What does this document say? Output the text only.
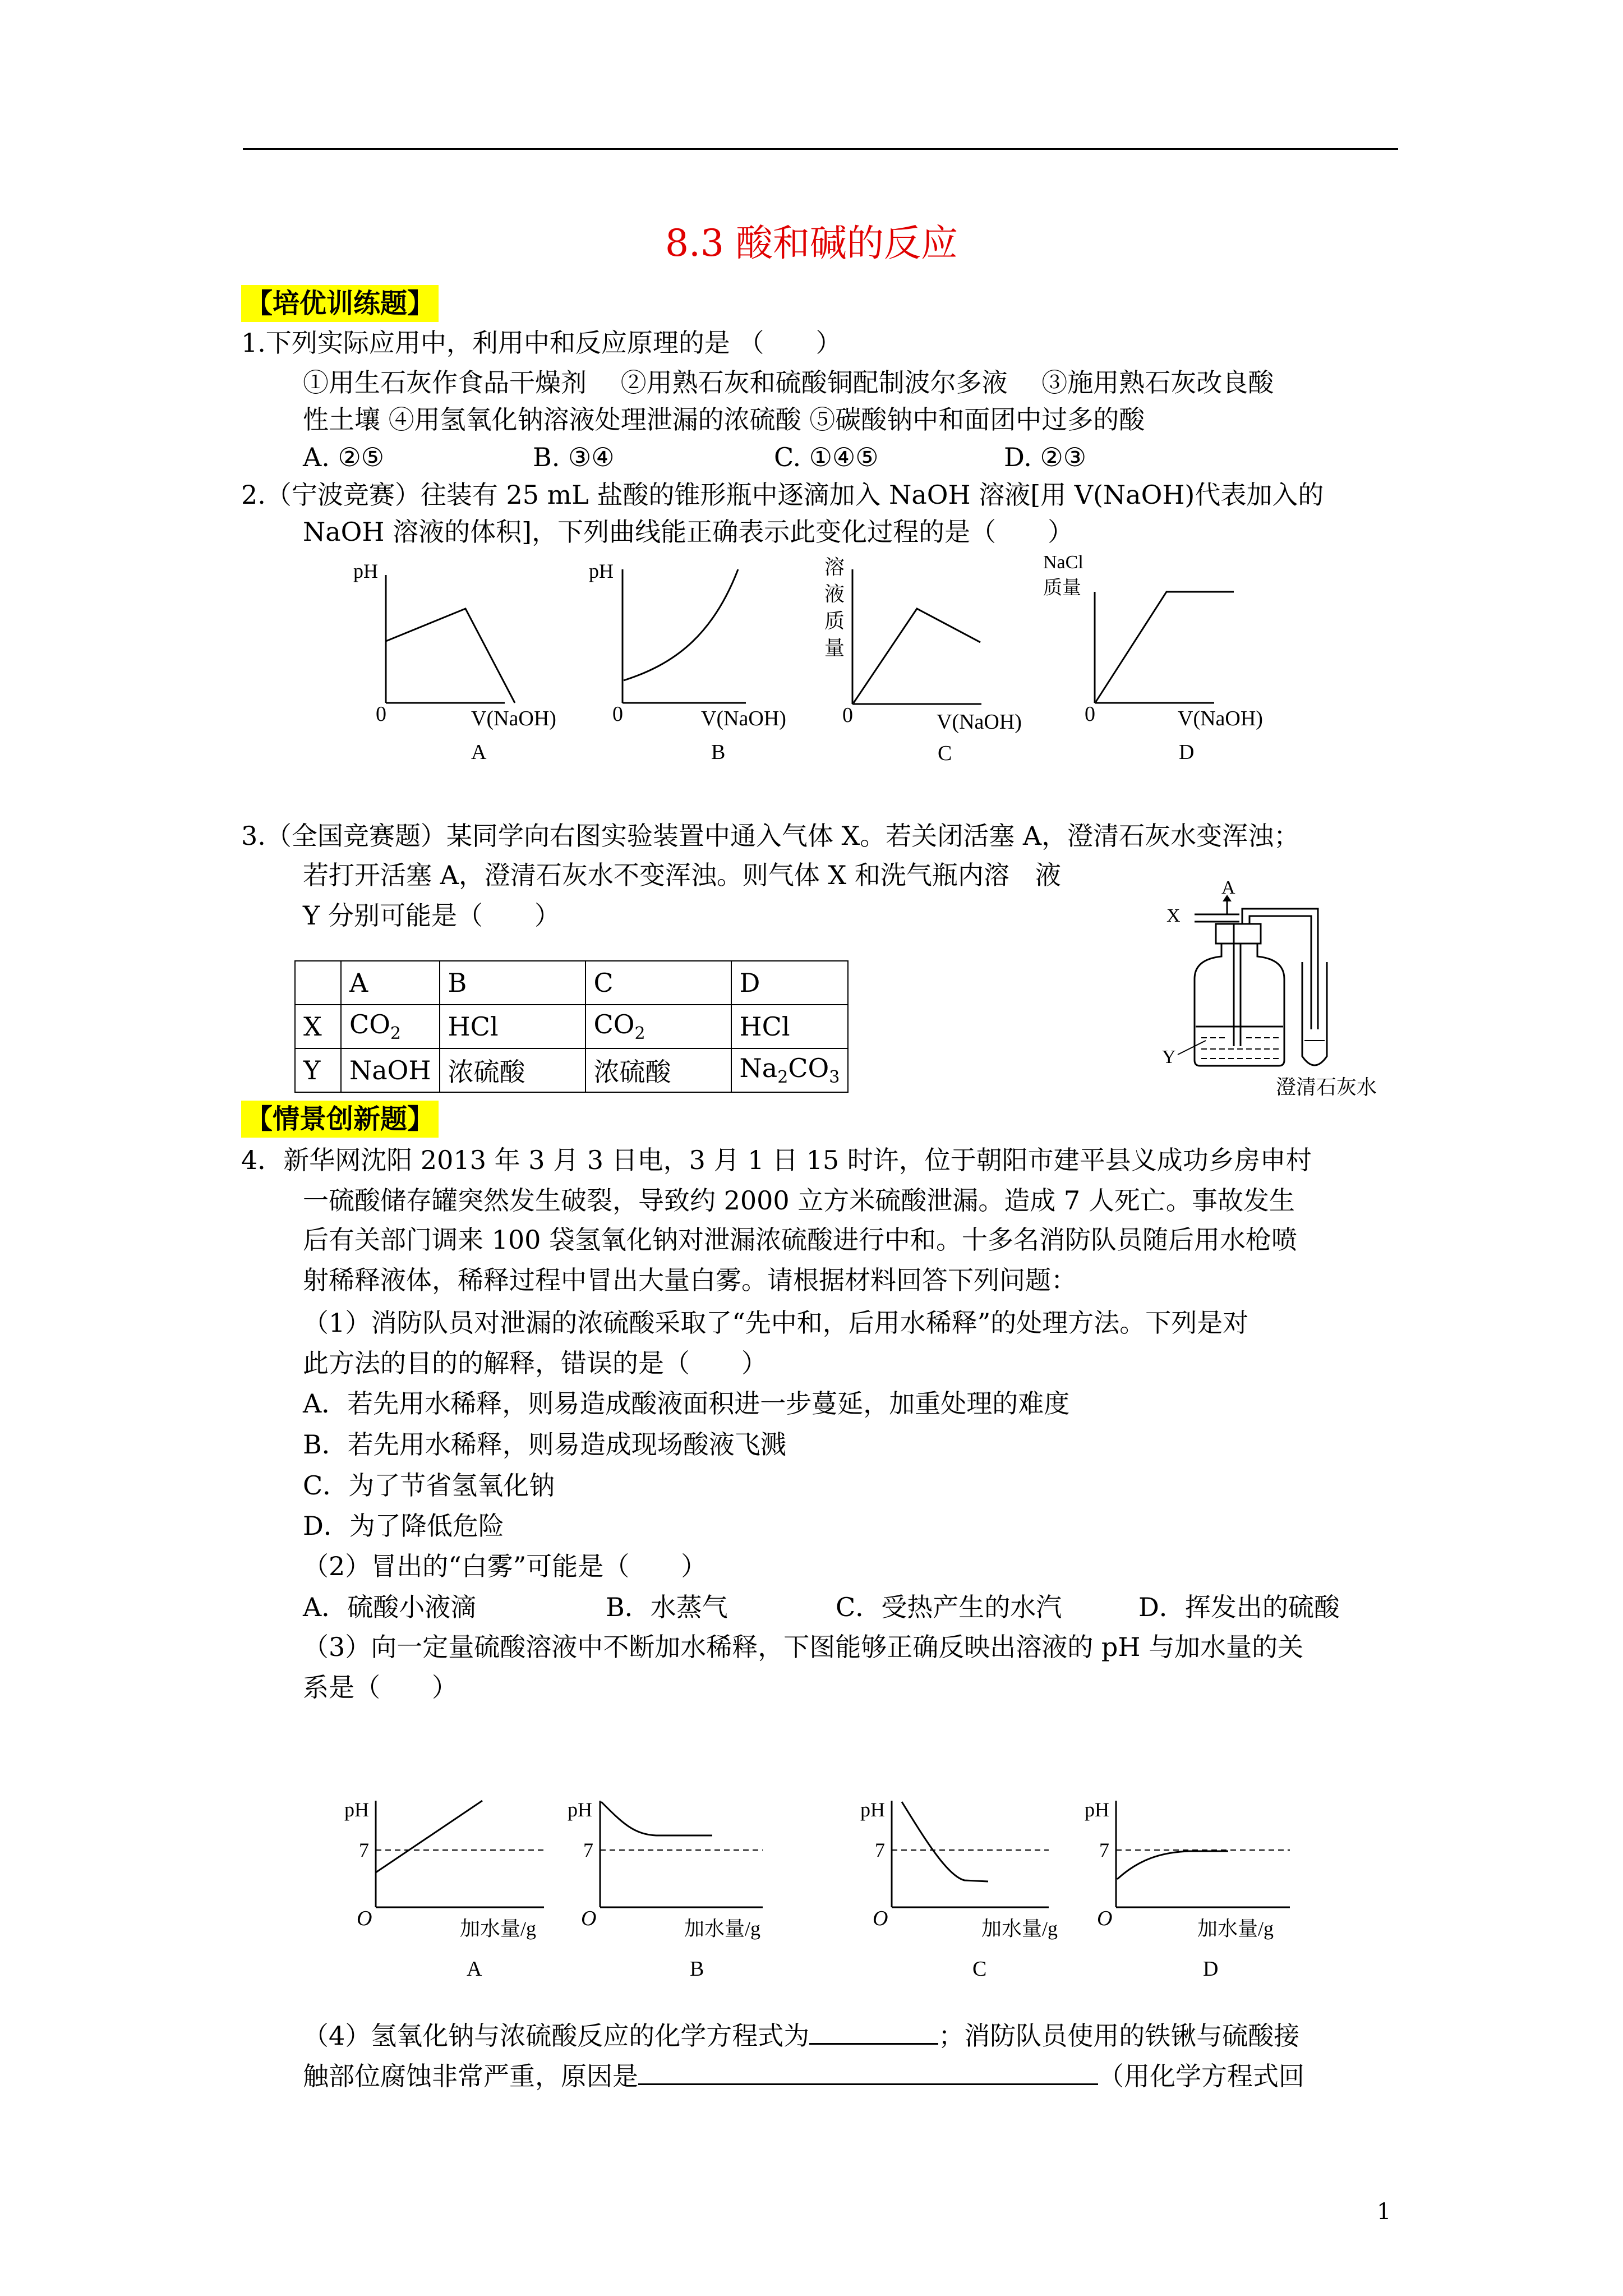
8.3 酸和碱的反应
【培优训练题】
1.下列实际应用中，利用中和反应原理的是 （　　）
①用生石灰作食品干燥剂　 ②用熟石灰和硫酸铜配制波尔多液 　③施用熟石灰改良酸
性土壤 ④用氢氧化钠溶液处理泄漏的浓硫酸 ⑤碳酸钠中和面团中过多的酸
A. ②⑤	B. ③④	C. ①④⑤	D. ②③
2.（宁波竞赛）往装有 25 mL 盐酸的锥形瓶中逐滴加入 NaOH 溶液[用 V(NaOH)代表加入的
NaOH 溶液的体积]，下列曲线能正确表示此变化过程的是（　　）
pH
0	V(NaOH)
A
pH
0	V(NaOH)
B
溶
液
质
量
0	V(NaOH)
C
NaCl
质量
0	V(NaOH)
D
3.（全国竞赛题）某同学向右图实验装置中通入气体 X。若关闭活塞 A，澄清石灰水变浑浊；
若打开活塞 A，澄清石灰水不变浑浊。则气体 X 和洗气瓶内溶　液
Y 分别可能是（　　）
	A	B	C	D
X	$CO_2$	HCl	$CO_2$	HCl
Y	NaOH	浓硫酸	浓硫酸	$Na_2CO_3$
A
X
Y
澄清石灰水
【情景创新题】
4．新华网沈阳 2013 年 3 月 3 日电，3 月 1 日 15 时许，位于朝阳市建平县义成功乡房申村
一硫酸储存罐突然发生破裂，导致约 2000 立方米硫酸泄漏。造成 7 人死亡。事故发生
后有关部门调来 100 袋氢氧化钠对泄漏浓硫酸进行中和。十多名消防队员随后用水枪喷
射稀释液体，稀释过程中冒出大量白雾。请根据材料回答下列问题：
（1）消防队员对泄漏的浓硫酸采取了“先中和，后用水稀释”的处理方法。下列是对
此方法的目的的解释，错误的是（　　）
A．若先用水稀释，则易造成酸液面积进一步蔓延，加重处理的难度
B．若先用水稀释，则易造成现场酸液飞溅
C．为了节省氢氧化钠
D．为了降低危险
（2）冒出的“白雾”可能是（　　）
A．硫酸小液滴	B．水蒸气	C．受热产生的水汽	D．挥发出的硫酸
（3）向一定量硫酸溶液中不断加水稀释，下图能够正确反映出溶液的 pH 与加水量的关
系是（　　）
pH
7
O	加水量/g
A
pH
7
O	加水量/g
B
pH
7
O	加水量/g
C
pH
7
O	加水量/g
D
（4）氢氧化钠与浓硫酸反应的化学方程式为	；消防队员使用的铁锹与硫酸接
触部位腐蚀非常严重，原因是	（用化学方程式回
1
